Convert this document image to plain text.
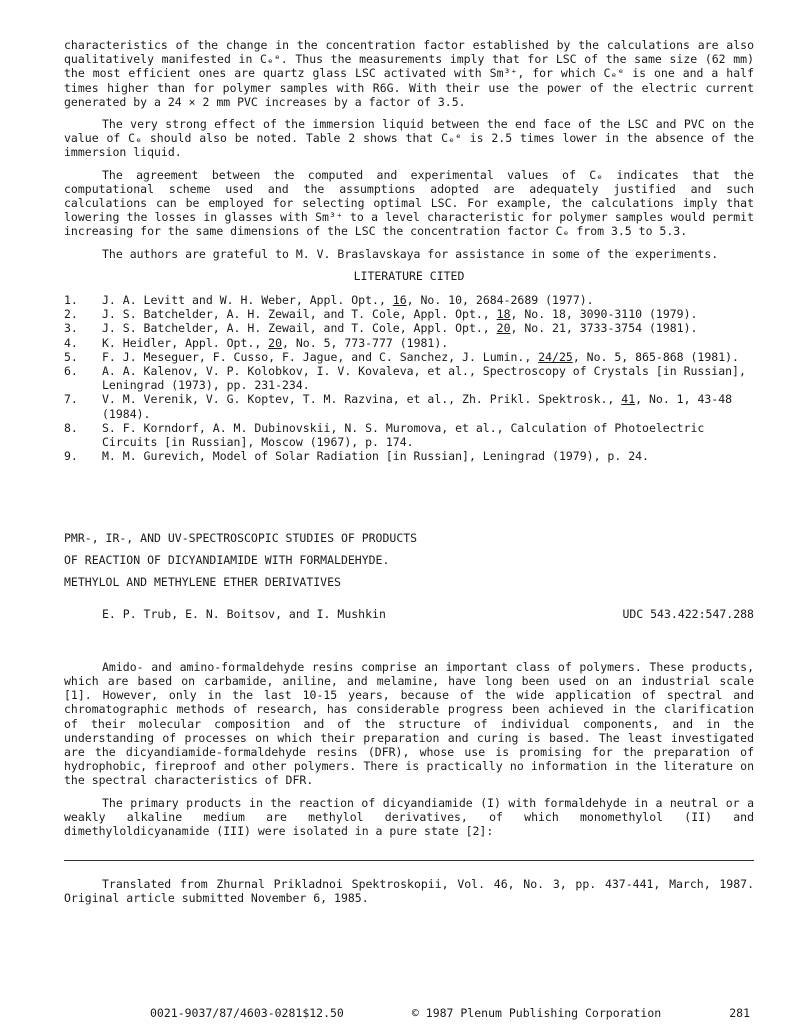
characteristics of the change in the concentration factor established by the calculations are also qualitatively manifested in Cₑᵉ. Thus the measurements imply that for LSC of the same size (62 mm) the most efficient ones are quartz glass LSC activated with Sm³⁺, for which Cₑᵉ is one and a half times higher than for polymer samples with R6G. With their use the power of the electric current generated by a 24 × 2 mm PVC increases by a factor of 3.5.

The very strong effect of the immersion liquid between the end face of the LSC and PVC on the value of Cₑ should also be noted. Table 2 shows that Cₑᵉ is 2.5 times lower in the absence of the immersion liquid.

The agreement between the computed and experimental values of Cₑ indicates that the computational scheme used and the assumptions adopted are adequately justified and such calculations can be employed for selecting optimal LSC. For example, the calculations imply that lowering the losses in glasses with Sm³⁺ to a level characteristic for polymer samples would permit increasing for the same dimensions of the LSC the concentration factor Cₑ from 3.5 to 5.3.

The authors are grateful to M. V. Braslavskaya for assistance in some of the experiments.

LITERATURE CITED

1.	J. A. Levitt and W. H. Weber, Appl. Opt., 16, No. 10, 2684-2689 (1977).
2.	J. S. Batchelder, A. H. Zewail, and T. Cole, Appl. Opt., 18, No. 18, 3090-3110 (1979).
3.	J. S. Batchelder, A. H. Zewail, and T. Cole, Appl. Opt., 20, No. 21, 3733-3754 (1981).
4.	K. Heidler, Appl. Opt., 20, No. 5, 773-777 (1981).
5.	F. J. Meseguer, F. Cusso, F. Jague, and C. Sanchez, J. Lumin., 24/25, No. 5, 865-868 (1981).
6.	A. A. Kalenov, V. P. Kolobkov, I. V. Kovaleva, et al., Spectroscopy of Crystals [in Russian], Leningrad (1973), pp. 231-234.
7.	V. M. Verenik, V. G. Koptev, T. M. Razvina, et al., Zh. Prikl. Spektrosk., 41, No. 1, 43-48 (1984).
8.	S. F. Korndorf, A. M. Dubinovskii, N. S. Muromova, et al., Calculation of Photoelectric Circuits [in Russian], Moscow (1967), p. 174.
9.	M. M. Gurevich, Model of Solar Radiation [in Russian], Leningrad (1979), p. 24.
PMR-, IR-, AND UV-SPECTROSCOPIC STUDIES OF PRODUCTS
OF REACTION OF DICYANDIAMIDE WITH FORMALDEHYDE.
METHYLOL AND METHYLENE ETHER DERIVATIVES
E. P. Trub, E. N. Boitsov, and I. Mushkin	UDC 543.422:547.288

Amido- and amino-formaldehyde resins comprise an important class of polymers. These products, which are based on carbamide, aniline, and melamine, have long been used on an industrial scale [1]. However, only in the last 10-15 years, because of the wide application of spectral and chromatographic methods of research, has considerable progress been achieved in the clarification of their molecular composition and of the structure of individual components, and in the understanding of processes on which their preparation and curing is based. The least investigated are the dicyandiamide-formaldehyde resins (DFR), whose use is promising for the preparation of hydrophobic, fireproof and other polymers. There is practically no information in the literature on the spectral characteristics of DFR.

The primary products in the reaction of dicyandiamide (I) with formaldehyde in a neutral or a weakly alkaline medium are methylol derivatives, of which monomethylol (II) and dimethyloldicyanamide (III) were isolated in a pure state [2]:

Translated from Zhurnal Prikladnoi Spektroskopii, Vol. 46, No. 3, pp. 437-441, March, 1987. Original article submitted November 6, 1985.

0021-9037/87/4603-0281$12.50	© 1987 Plenum Publishing Corporation	281
